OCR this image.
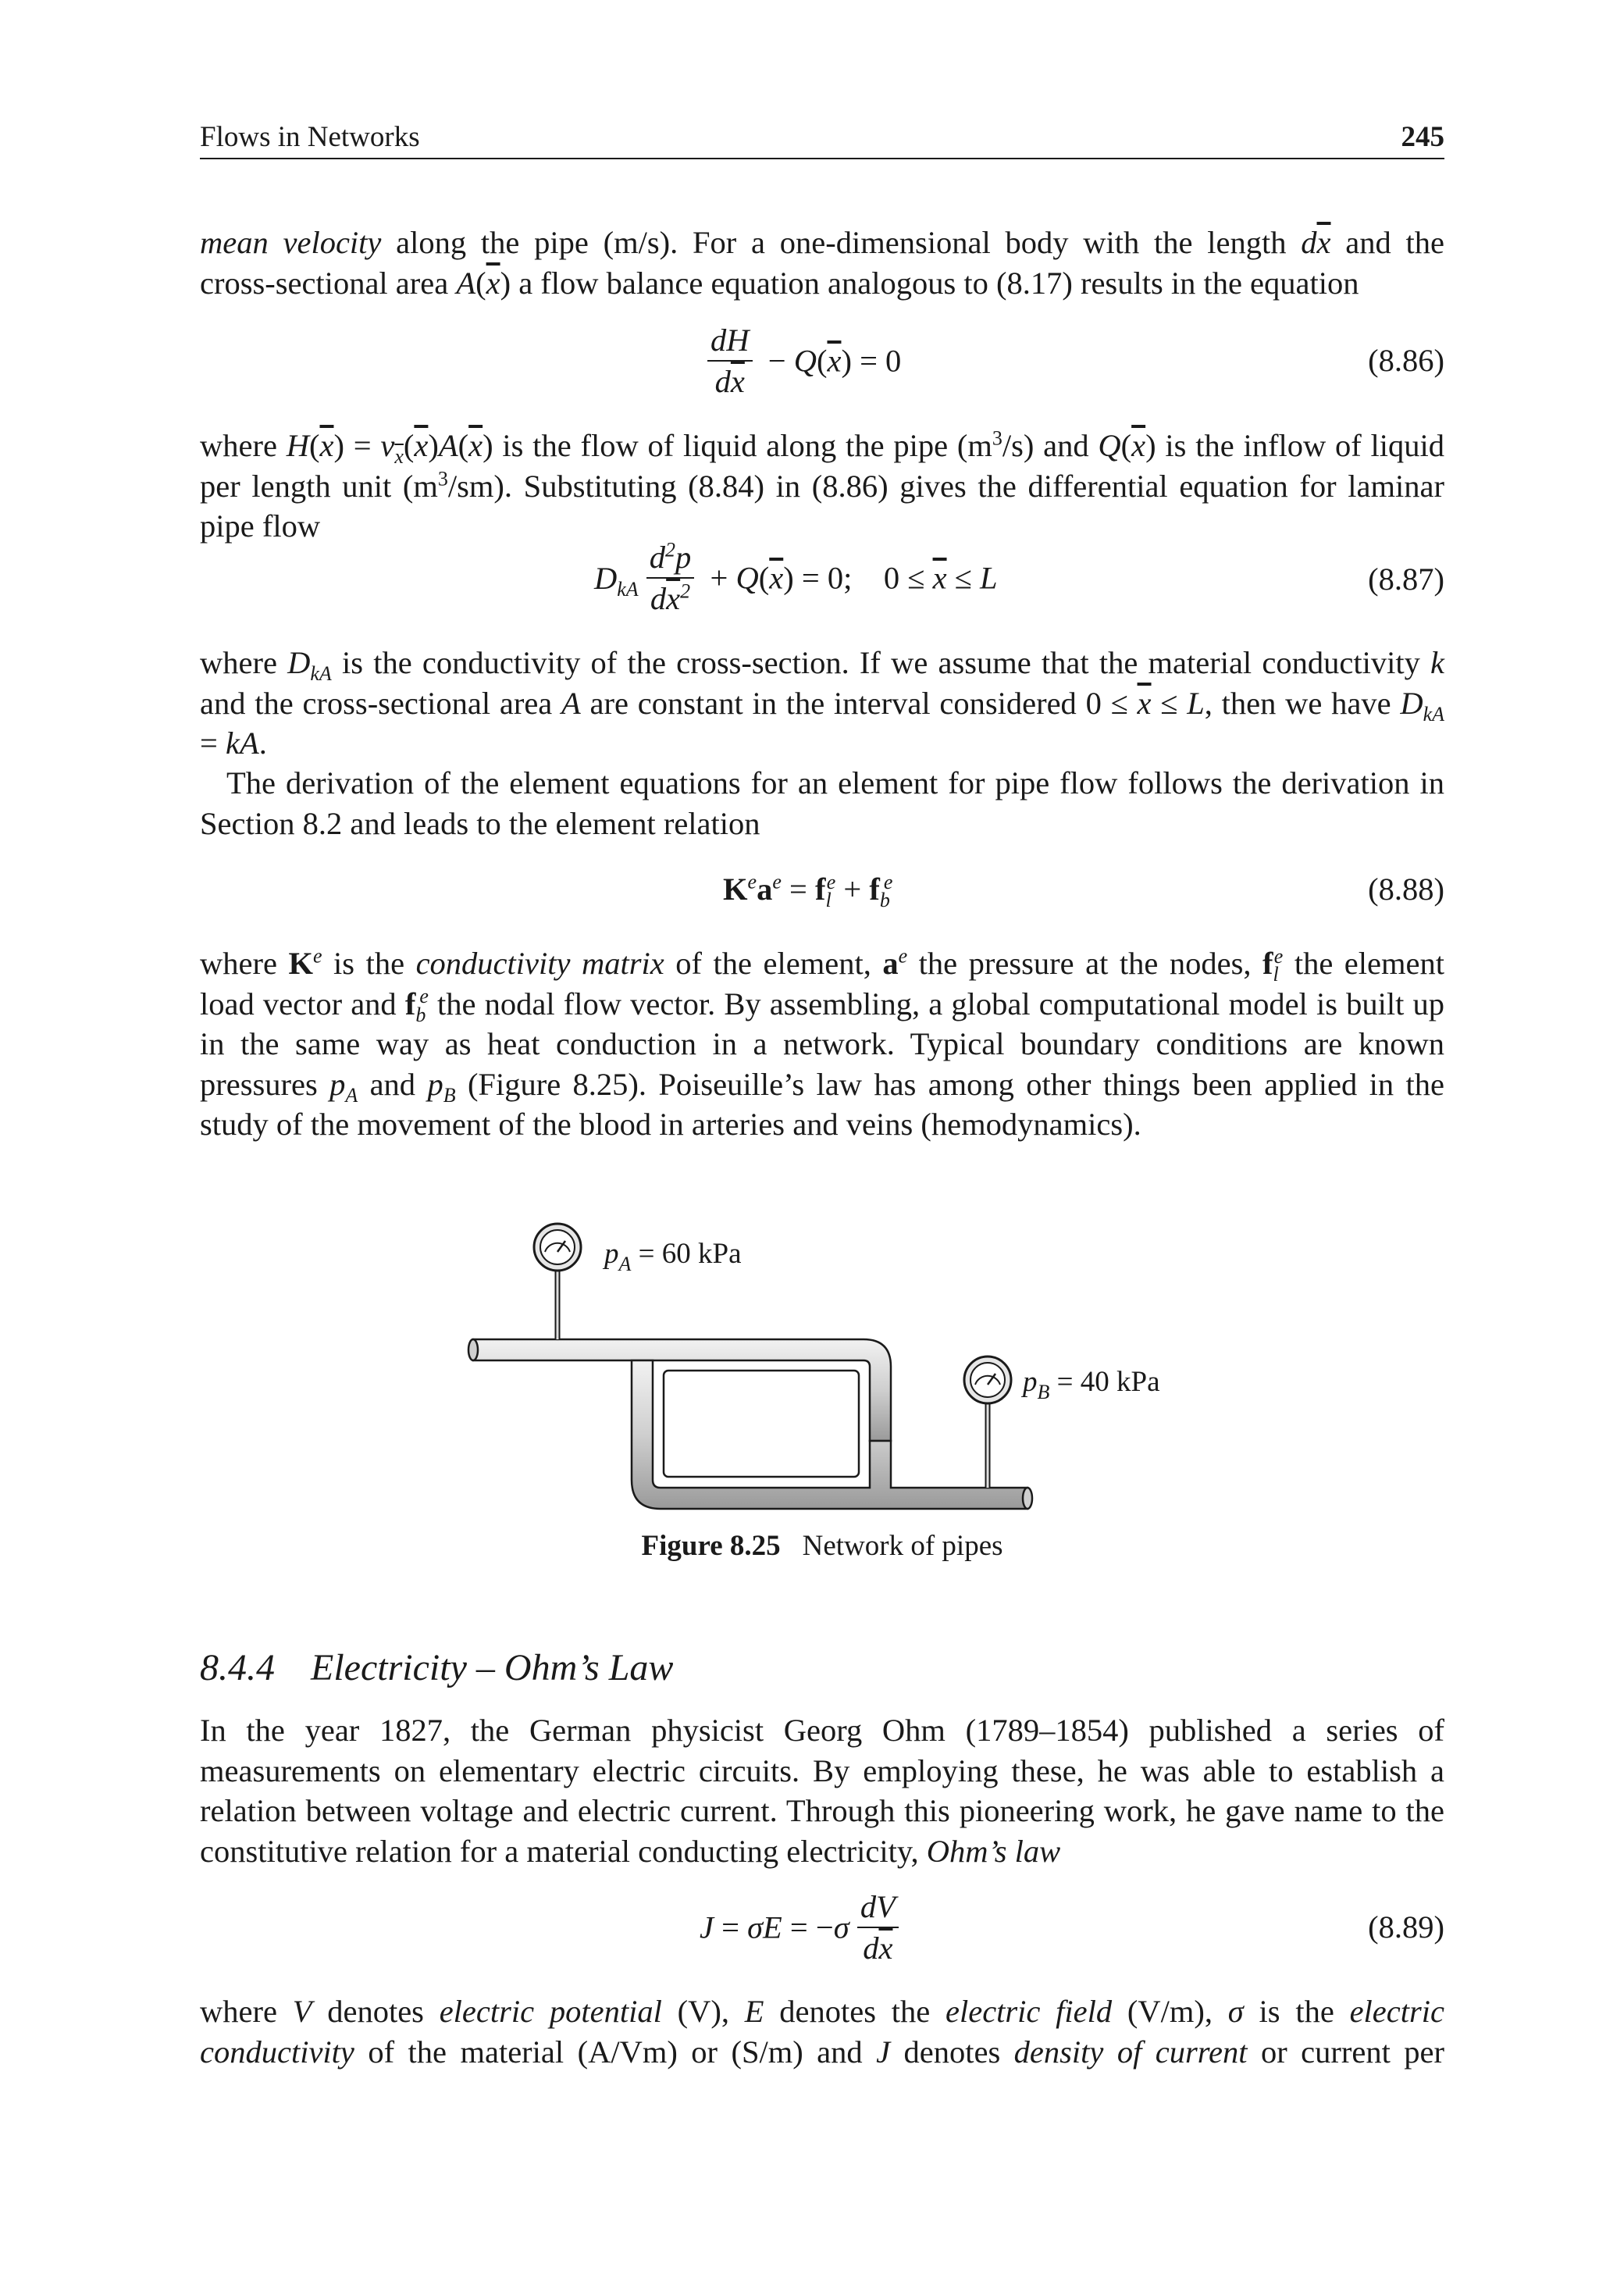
Flows in Networks	245
mean velocity along the pipe (m/s). For a one-dimensional body with the length $d\overline{x}$ and the
cross-sectional area $A(\overline{x})$ a flow balance equation analogous to (8.17) results in the equation
$\frac{dH}{d\overline{x}} - Q(\overline{x}) = 0$	(8.86)
where $H(\overline{x}) = v_{\overline{x}}(\overline{x})A(\overline{x})$ is the flow of liquid along the pipe $(m^3/s)$ and $Q(\overline{x})$ is the inflow of liquid per length unit $(m^3/sm)$. Substituting (8.84) in (8.86) gives the differential equation for laminar pipe flow
$D_{kA} \frac{d^2p}{d\overline{x}^2} + Q(\overline{x}) = 0$;    $0 \le \overline{x} \le L$	(8.87)
where $D_{kA}$ is the conductivity of the cross-section. If we assume that the material conductivity k and the cross-sectional area A are constant in the interval considered $0 \le \overline{x} \le L$, then we have $D_{kA}$ = kA.
The derivation of the element equations for an element for pipe flow follows the derivation in Section 8.2 and leads to the element relation
$K^ea^e = f_l^e + f_b^e$	(8.88)
where $K^e$ is the conductivity matrix of the element, $a^e$ the pressure at the nodes, $f_l^e$ the element load vector and $f_b^e$ the nodal flow vector. By assembling, a global computational model is built up in the same way as heat conduction in a network. Typical boundary conditions are known pressures $p_A$ and $p_B$ (Figure 8.25). Poiseuille’s law has among other things been applied in the study of the movement of the blood in arteries and veins (hemodynamics).
$p_A = 60$ kPa
$p_B = 40$ kPa
Figure 8.25 Network of pipes
8.4.4 Electricity – Ohm’s Law
In the year 1827, the German physicist Georg Ohm (1789–1854) published a series of measurements on elementary electric circuits. By employing these, he was able to establish a relation between voltage and electric current. Through this pioneering work, he gave name to the constitutive relation for a material conducting electricity, Ohm’s law
$J = \sigma E = -\sigma \frac{dV}{d\overline{x}}$	(8.89)
where V denotes electric potential (V), E denotes the electric field (V/m), σ is the electric conductivity of the material (A/Vm) or (S/m) and J denotes density of current or current per
